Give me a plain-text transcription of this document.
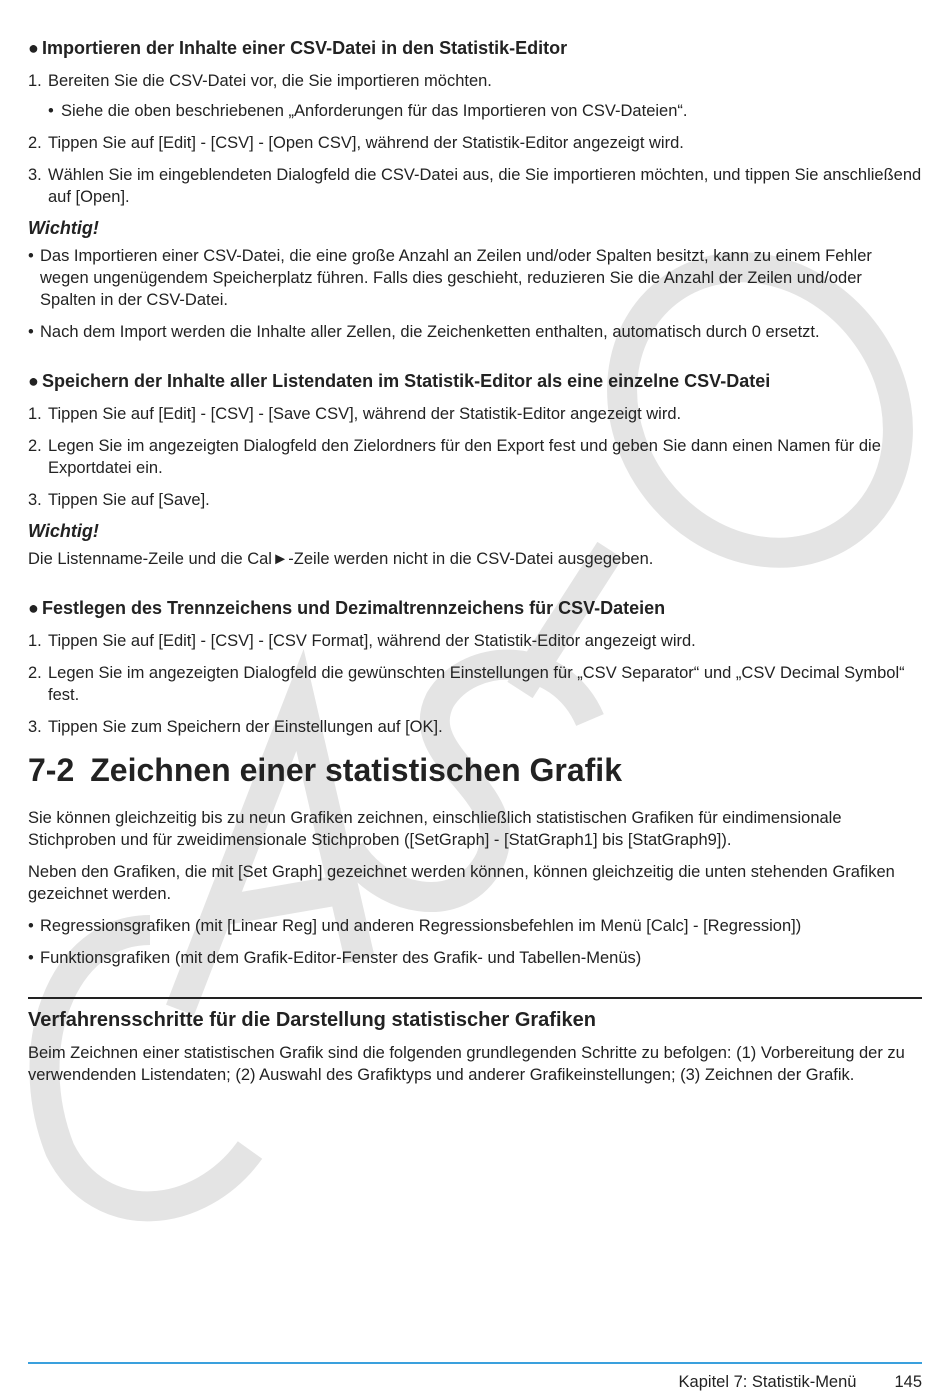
● Importieren der Inhalte einer CSV-Datei in den Statistik-Editor
1. Bereiten Sie die CSV-Datei vor, die Sie importieren möchten.
• Siehe die oben beschriebenen „Anforderungen für das Importieren von CSV-Dateien“.
2. Tippen Sie auf [Edit] - [CSV] - [Open CSV], während der Statistik-Editor angezeigt wird.
3. Wählen Sie im eingeblendeten Dialogfeld die CSV-Datei aus, die Sie importieren möchten, und tippen Sie anschließend auf [Open].
Wichtig!
• Das Importieren einer CSV-Datei, die eine große Anzahl an Zeilen und/oder Spalten besitzt, kann zu einem Fehler wegen ungenügendem Speicherplatz führen. Falls dies geschieht, reduzieren Sie die Anzahl der Zeilen und/oder Spalten in der CSV-Datei.
• Nach dem Import werden die Inhalte aller Zellen, die Zeichenketten enthalten, automatisch durch 0 ersetzt.
● Speichern der Inhalte aller Listendaten im Statistik-Editor als eine einzelne CSV-Datei
1. Tippen Sie auf [Edit] - [CSV] - [Save CSV], während der Statistik-Editor angezeigt wird.
2. Legen Sie im angezeigten Dialogfeld den Zielordners für den Export fest und geben Sie dann einen Namen für die Exportdatei ein.
3. Tippen Sie auf [Save].
Wichtig!
Die Listenname-Zeile und die Cal►-Zeile werden nicht in die CSV-Datei ausgegeben.
● Festlegen des Trennzeichens und Dezimaltrennzeichens für CSV-Dateien
1. Tippen Sie auf [Edit] - [CSV] - [CSV Format], während der Statistik-Editor angezeigt wird.
2. Legen Sie im angezeigten Dialogfeld die gewünschten Einstellungen für „CSV Separator“ und „CSV Decimal Symbol“ fest.
3. Tippen Sie zum Speichern der Einstellungen auf [OK].
7-2 Zeichnen einer statistischen Grafik
Sie können gleichzeitig bis zu neun Grafiken zeichnen, einschließlich statistischen Grafiken für eindimensionale Stichproben und für zweidimensionale Stichproben ([SetGraph] - [StatGraph1] bis [StatGraph9]).
Neben den Grafiken, die mit [Set Graph] gezeichnet werden können, können gleichzeitig die unten stehenden Grafiken gezeichnet werden.
• Regressionsgrafiken (mit [Linear Reg] und anderen Regressionsbefehlen im Menü [Calc] - [Regression])
• Funktionsgrafiken (mit dem Grafik-Editor-Fenster des Grafik- und Tabellen-Menüs)
Verfahrensschritte für die Darstellung statistischer Grafiken
Beim Zeichnen einer statistischen Grafik sind die folgenden grundlegenden Schritte zu befolgen: (1) Vorbereitung der zu verwendenden Listendaten; (2) Auswahl des Grafiktyps und anderer Grafikeinstellungen; (3) Zeichnen der Grafik.
Kapitel 7: Statistik-Menü 145
